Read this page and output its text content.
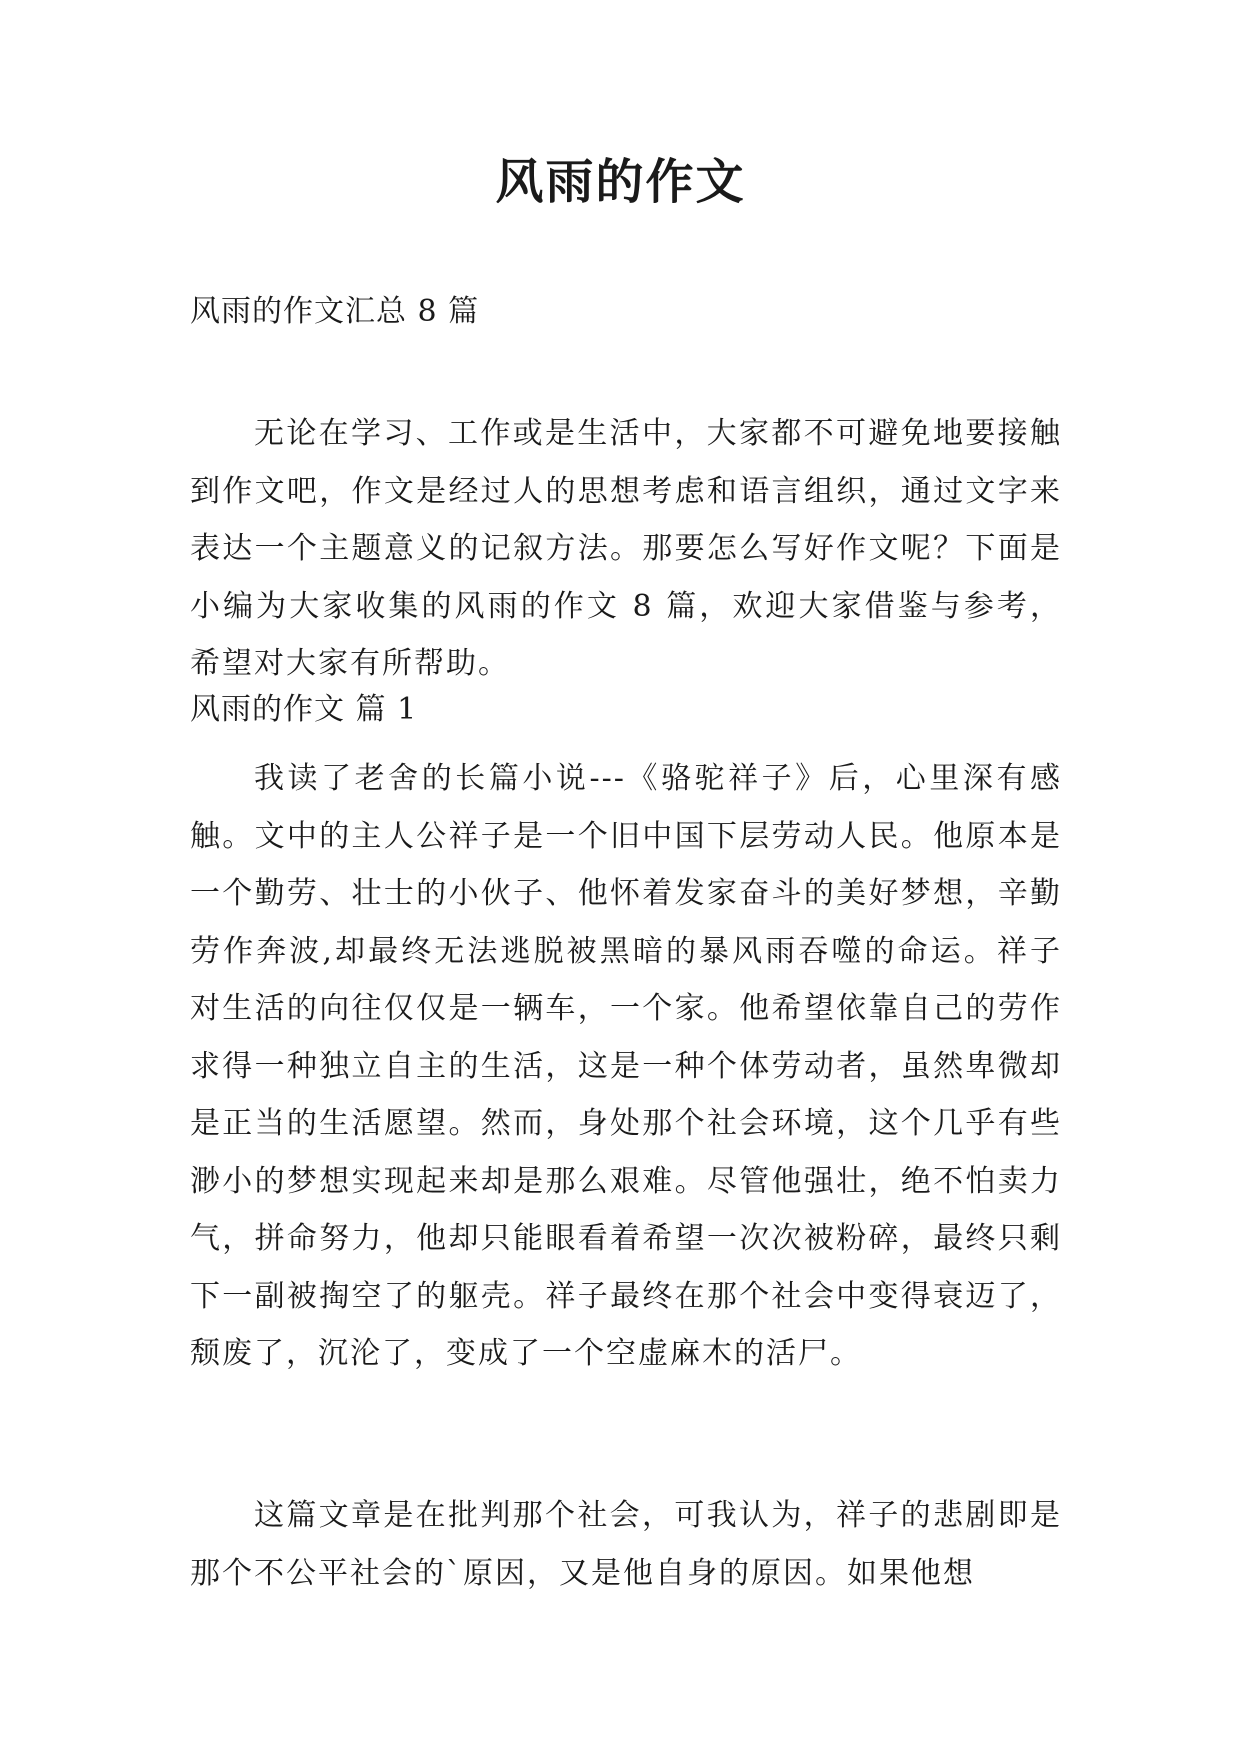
风雨的作文

风雨的作文汇总 8 篇

无论在学习、工作或是生活中，大家都不可避免地要接触到作文吧，作文是经过人的思想考虑和语言组织，通过文字来表达一个主题意义的记叙方法。那要怎么写好作文呢？下面是小编为大家收集的风雨的作文 8 篇，欢迎大家借鉴与参考，希望对大家有所帮助。

风雨的作文 篇 1

我读了老舍的长篇小说---《骆驼祥子》后，心里深有感触。文中的主人公祥子是一个旧中国下层劳动人民。他原本是一个勤劳、壮士的小伙子、他怀着发家奋斗的美好梦想，辛勤劳作奔波,却最终无法逃脱被黑暗的暴风雨吞噬的命运。祥子对生活的向往仅仅是一辆车，一个家。他希望依靠自己的劳作求得一种独立自主的生活，这是一种个体劳动者，虽然卑微却是正当的生活愿望。然而，身处那个社会环境，这个几乎有些渺小的梦想实现起来却是那么艰难。尽管他强壮，绝不怕卖力气，拼命努力，他却只能眼看着希望一次次被粉碎，最终只剩下一副被掏空了的躯壳。祥子最终在那个社会中变得衰迈了，颓废了，沉沦了，变成了一个空虚麻木的活尸。

这篇文章是在批判那个社会，可我认为，祥子的悲剧即是那个不公平社会的`原因，又是他自身的原因。如果他想
